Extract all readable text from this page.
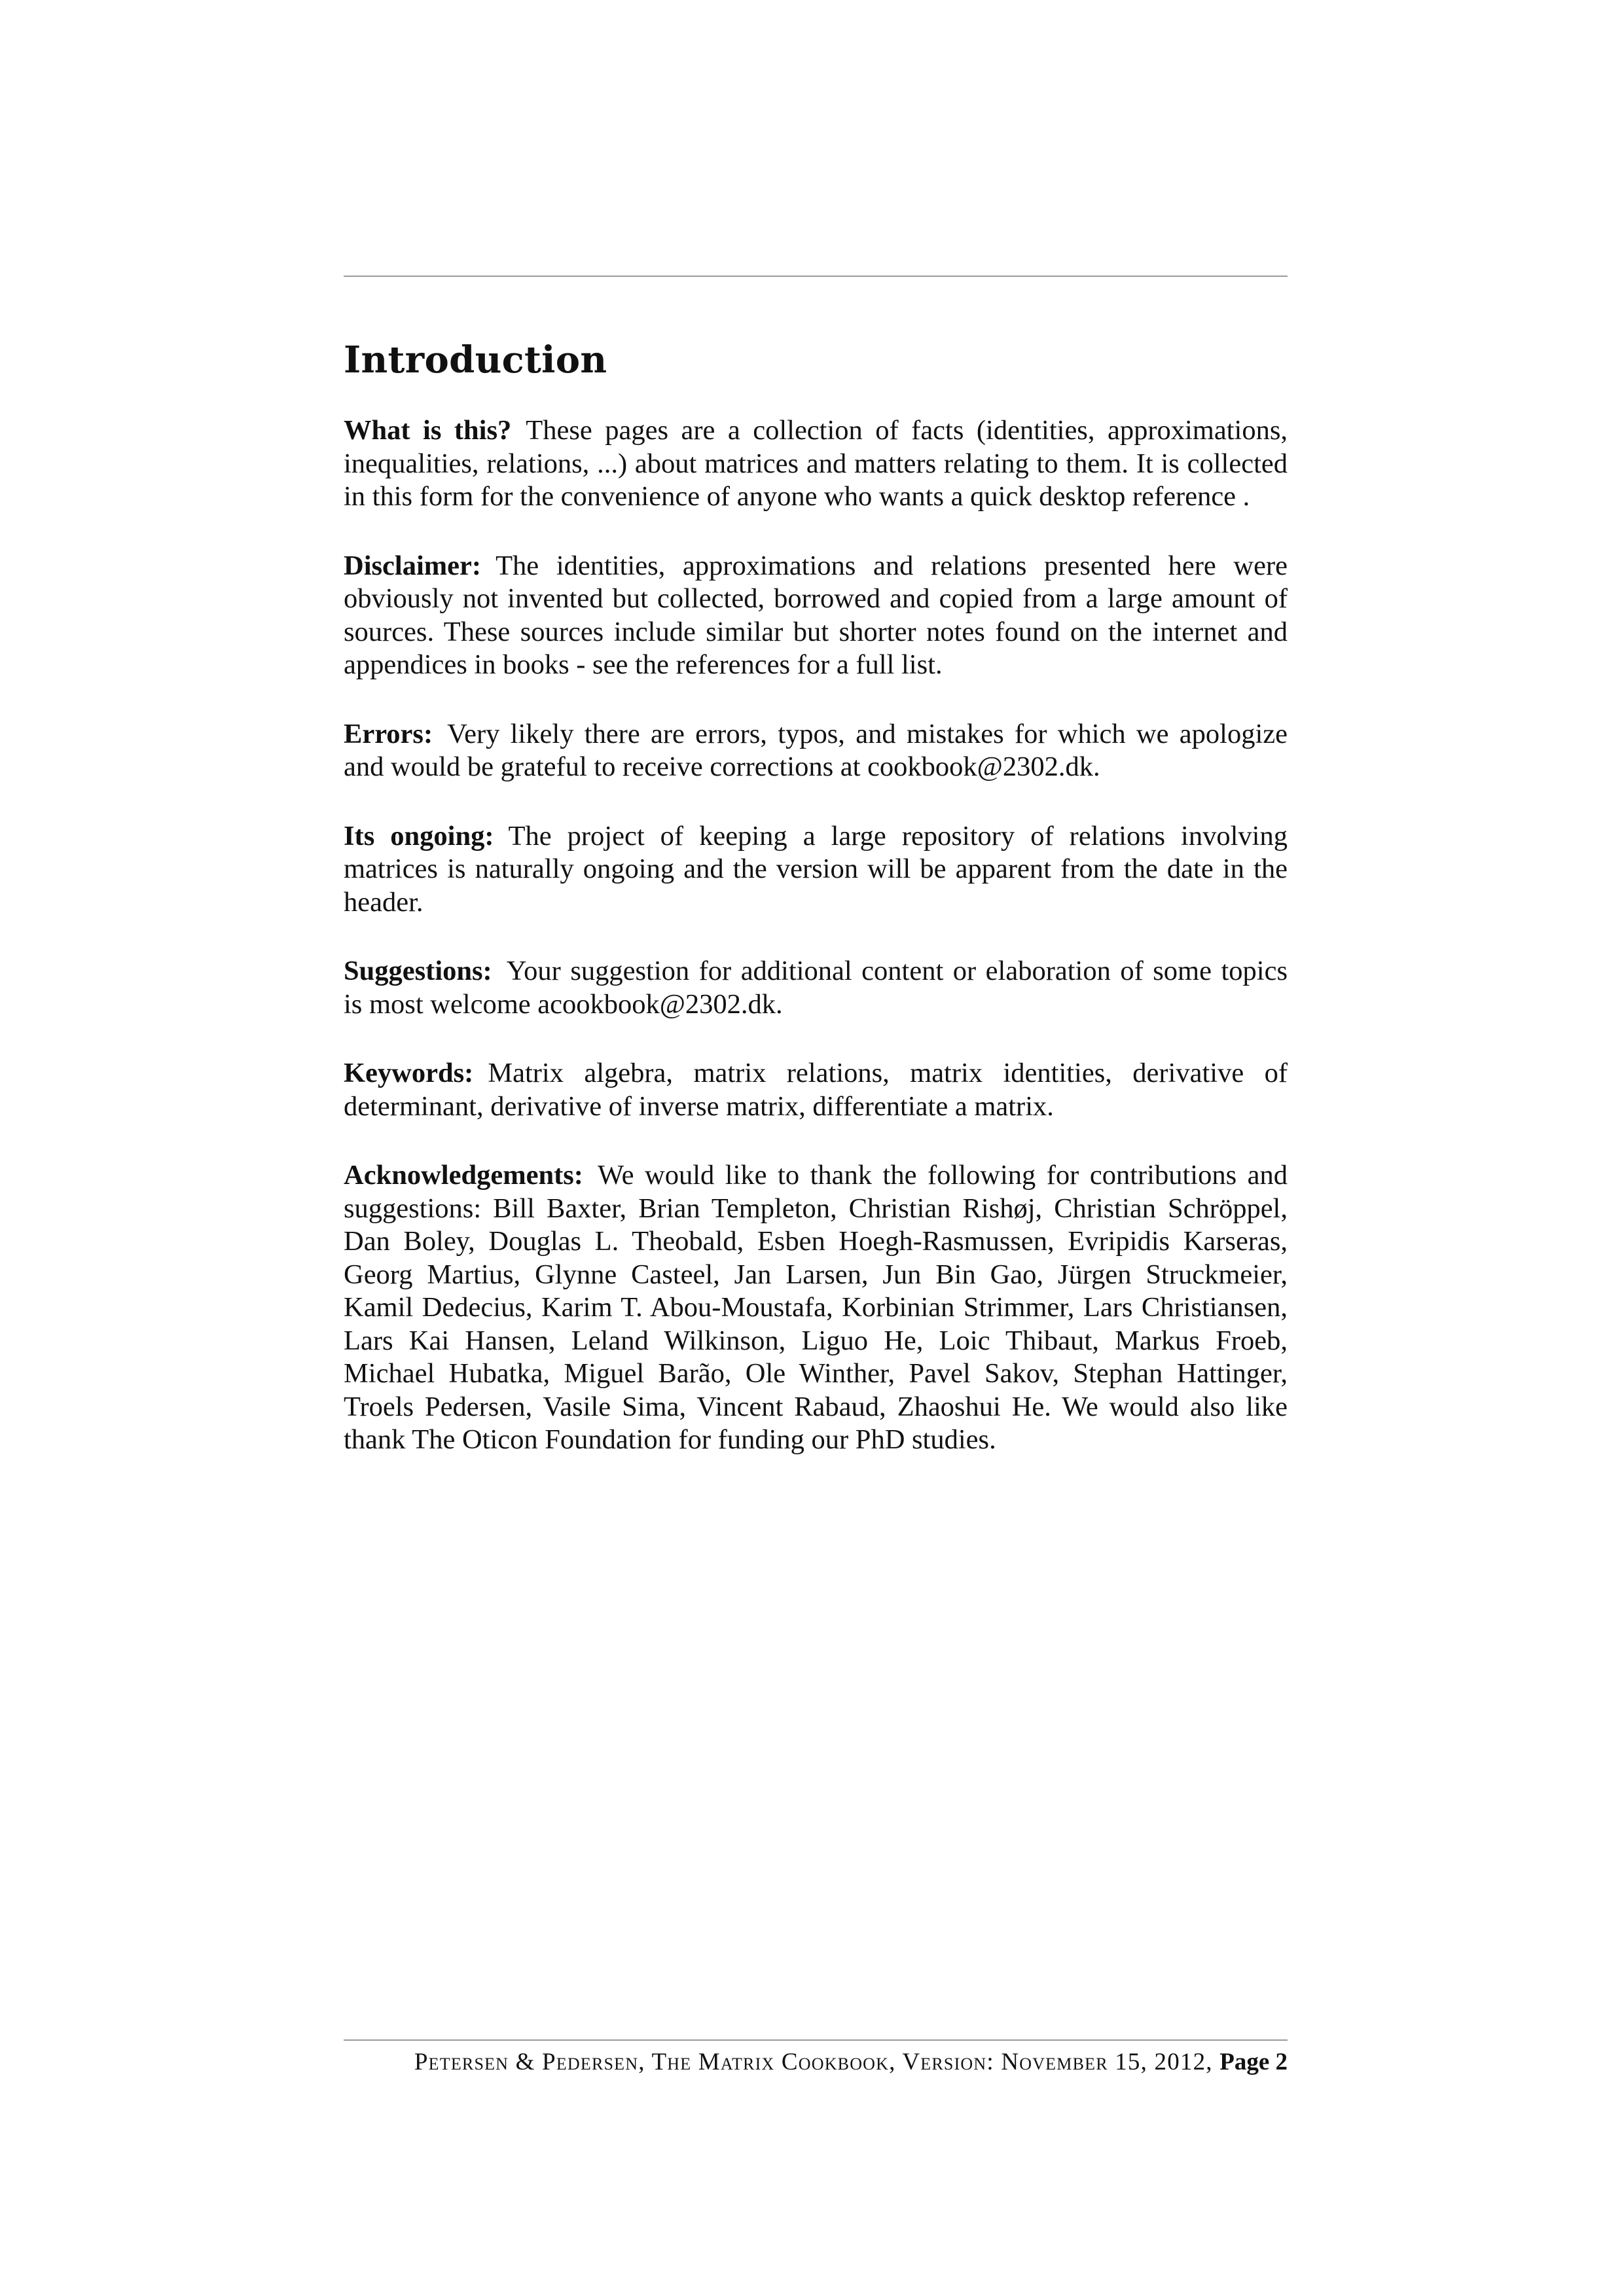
Introduction

What is this? These pages are a collection of facts (identities, approximations, inequalities, relations, ...) about matrices and matters relating to them. It is collected in this form for the convenience of anyone who wants a quick desktop reference .

Disclaimer: The identities, approximations and relations presented here were obviously not invented but collected, borrowed and copied from a large amount of sources. These sources include similar but shorter notes found on the internet and appendices in books - see the references for a full list.

Errors: Very likely there are errors, typos, and mistakes for which we apologize and would be grateful to receive corrections at cookbook@2302.dk.

Its ongoing: The project of keeping a large repository of relations involving matrices is naturally ongoing and the version will be apparent from the date in the header.

Suggestions: Your suggestion for additional content or elaboration of some topics is most welcome acookbook@2302.dk.

Keywords: Matrix algebra, matrix relations, matrix identities, derivative of determinant, derivative of inverse matrix, differentiate a matrix.

Acknowledgements: We would like to thank the following for contributions and suggestions: Bill Baxter, Brian Templeton, Christian Rishøj, Christian Schröppel, Dan Boley, Douglas L. Theobald, Esben Hoegh-Rasmussen, Evripidis Karseras, Georg Martius, Glynne Casteel, Jan Larsen, Jun Bin Gao, Jürgen Struckmeier, Kamil Dedecius, Karim T. Abou-Moustafa, Korbinian Strimmer, Lars Christiansen, Lars Kai Hansen, Leland Wilkinson, Liguo He, Loic Thibaut, Markus Froeb, Michael Hubatka, Miguel Barão, Ole Winther, Pavel Sakov, Stephan Hattinger, Troels Pedersen, Vasile Sima, Vincent Rabaud, Zhaoshui He. We would also like thank The Oticon Foundation for funding our PhD studies.

Petersen & Pedersen, The Matrix Cookbook, Version: November 15, 2012, Page 2
